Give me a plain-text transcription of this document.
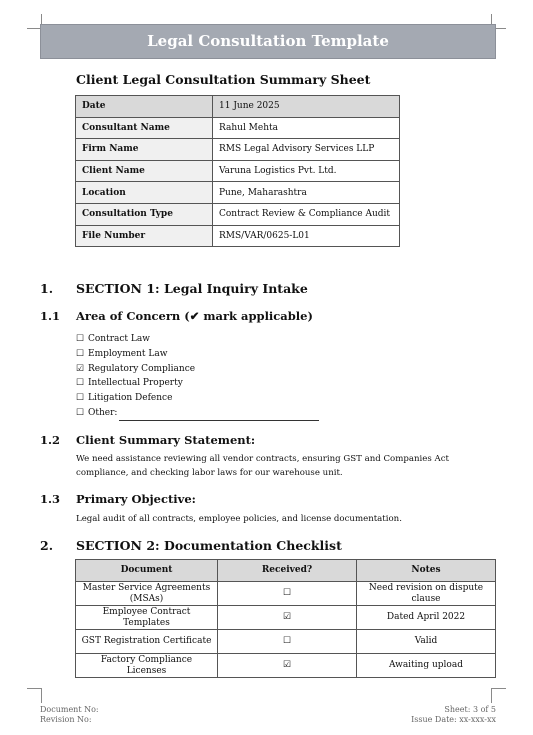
Legal Consultation Template
Client Legal Consultation Summary Sheet
Date	11 June 2025
Consultant Name	Rahul Mehta
Firm Name	RMS Legal Advisory Services LLP
Client Name	Varuna Logistics Pvt. Ltd.
Location	Pune, Maharashtra
Consultation Type	Contract Review & Compliance Audit
File Number	RMS/VAR/0625-L01
1. SECTION 1: Legal Inquiry Intake
1.1 Area of Concern (✔ mark applicable)
☐ Contract Law
☐ Employment Law
☑ Regulatory Compliance
☐ Intellectual Property
☐ Litigation Defence
☐ Other:
1.2 Client Summary Statement:
We need assistance reviewing all vendor contracts, ensuring GST and Companies Act compliance, and checking labor laws for our warehouse unit.
1.3 Primary Objective:
Legal audit of all contracts, employee policies, and license documentation.
2. SECTION 2: Documentation Checklist
Document	Received?	Notes
Master Service Agreements (MSAs)	☐	Need revision on dispute clause
Employee Contract Templates	☑	Dated April 2022
GST Registration Certificate	☐	Valid
Factory Compliance Licenses	☑	Awaiting upload
Document No:
Revision No:
Sheet: 3 of 5
Issue Date: xx-xxx-xx
